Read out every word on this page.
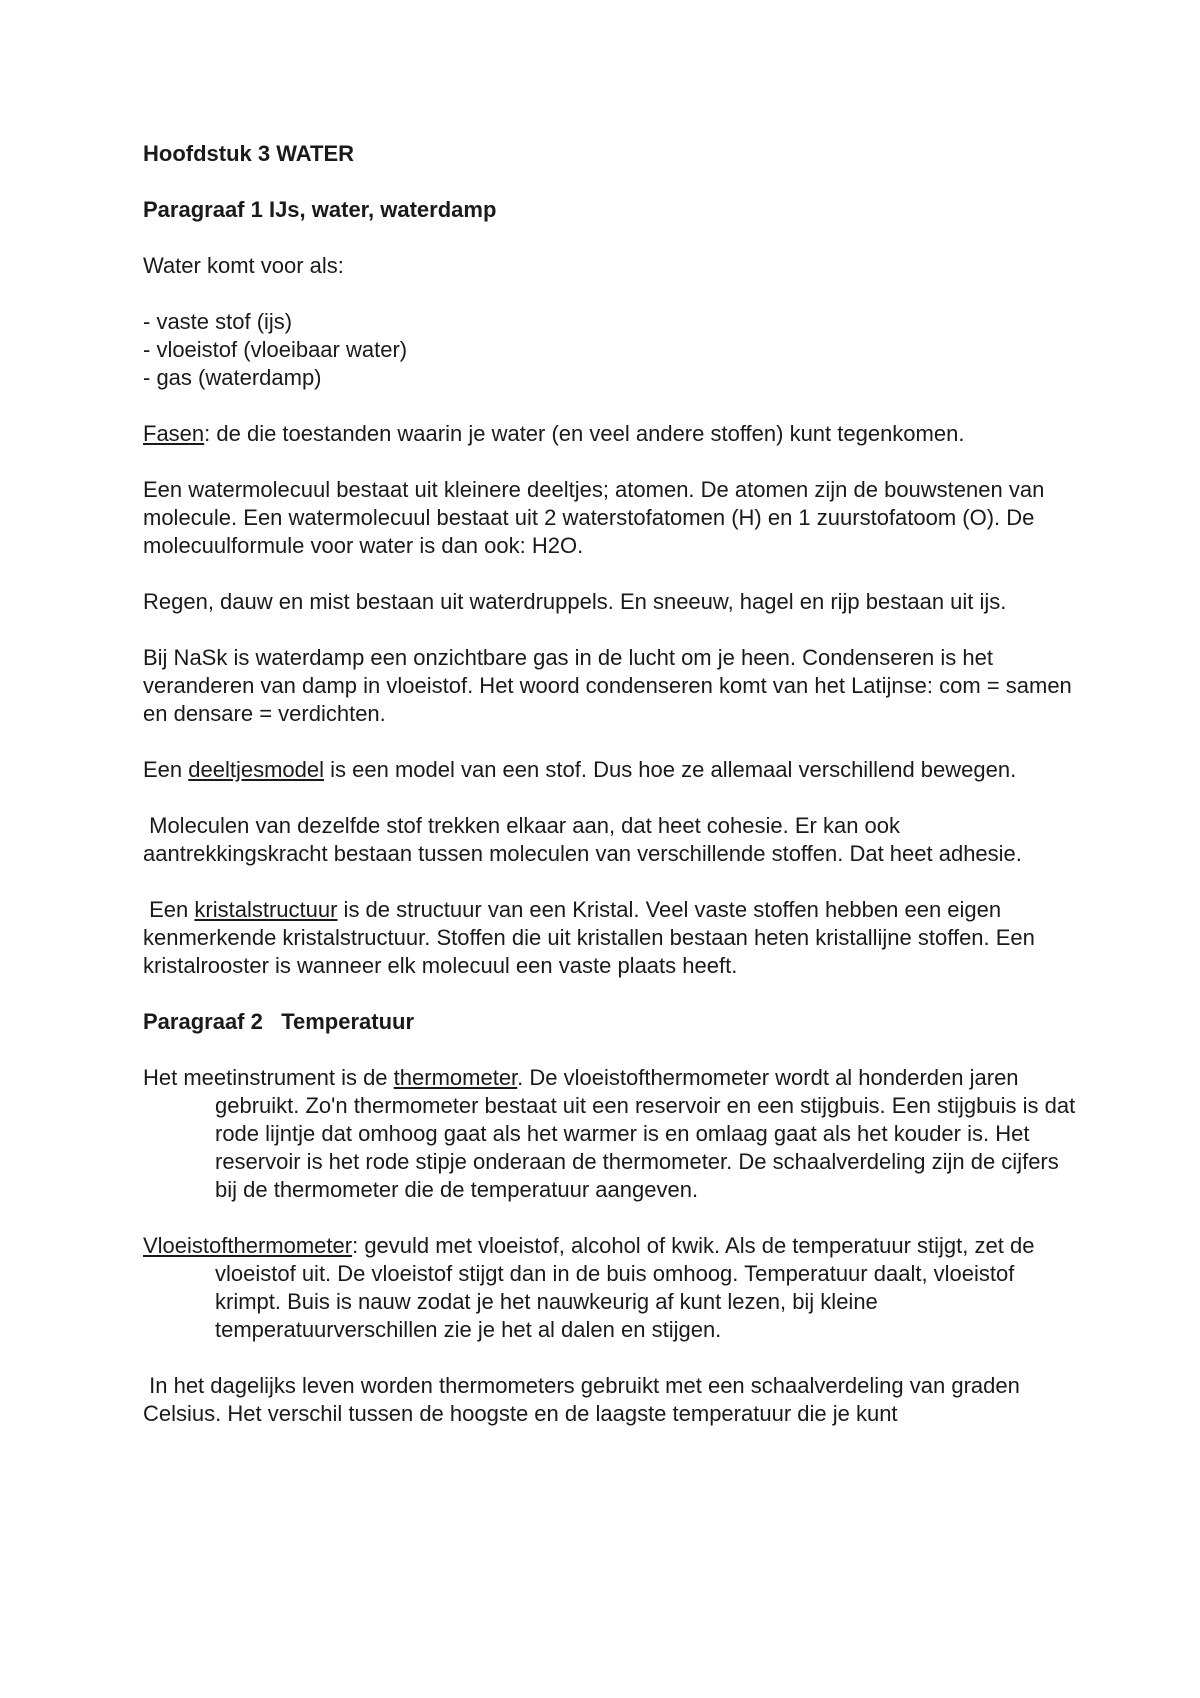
Hoofdstuk 3 WATER
Paragraaf 1 IJs, water, waterdamp
Water komt voor als:
- vaste stof (ijs)
- vloeistof (vloeibaar water)
- gas (waterdamp)
Fasen: de die toestanden waarin je water (en veel andere stoffen) kunt tegenkomen.
Een watermolecuul bestaat uit kleinere deeltjes; atomen. De atomen zijn de bouwstenen van molecule. Een watermolecuul bestaat uit 2 waterstofatomen (H) en 1 zuurstofatoom (O). De molecuulformule voor water is dan ook: H2O.
Regen, dauw en mist bestaan uit waterdruppels. En sneeuw, hagel en rijp bestaan uit ijs.
Bij NaSk is waterdamp een onzichtbare gas in de lucht om je heen. Condenseren is het veranderen van damp in vloeistof. Het woord condenseren komt van het Latijnse: com = samen en densare = verdichten.
Een deeltjesmodel is een model van een stof. Dus hoe ze allemaal verschillend bewegen.
Moleculen van dezelfde stof trekken elkaar aan, dat heet cohesie. Er kan ook aantrekkingskracht bestaan tussen moleculen van verschillende stoffen. Dat heet adhesie.
Een kristalstructuur is de structuur van een Kristal. Veel vaste stoffen hebben een eigen kenmerkende kristalstructuur. Stoffen die uit kristallen bestaan heten kristallijne stoffen. Een kristalrooster is wanneer elk molecuul een vaste plaats heeft.
Paragraaf 2   Temperatuur
Het meetinstrument is de thermometer. De vloeistofthermometer wordt al honderden jaren gebruikt. Zo'n thermometer bestaat uit een reservoir en een stijgbuis. Een stijgbuis is dat rode lijntje dat omhoog gaat als het warmer is en omlaag gaat als het kouder is. Het reservoir is het rode stipje onderaan de thermometer. De schaalverdeling zijn de cijfers bij de thermometer die de temperatuur aangeven.
Vloeistofthermometer: gevuld met vloeistof, alcohol of kwik. Als de temperatuur stijgt, zet de vloeistof uit. De vloeistof stijgt dan in de buis omhoog. Temperatuur daalt, vloeistof krimpt. Buis is nauw zodat je het nauwkeurig af kunt lezen, bij kleine temperatuurverschillen zie je het al dalen en stijgen.
In het dagelijks leven worden thermometers gebruikt met een schaalverdeling van graden Celsius. Het verschil tussen de hoogste en de laagste temperatuur die je kunt
